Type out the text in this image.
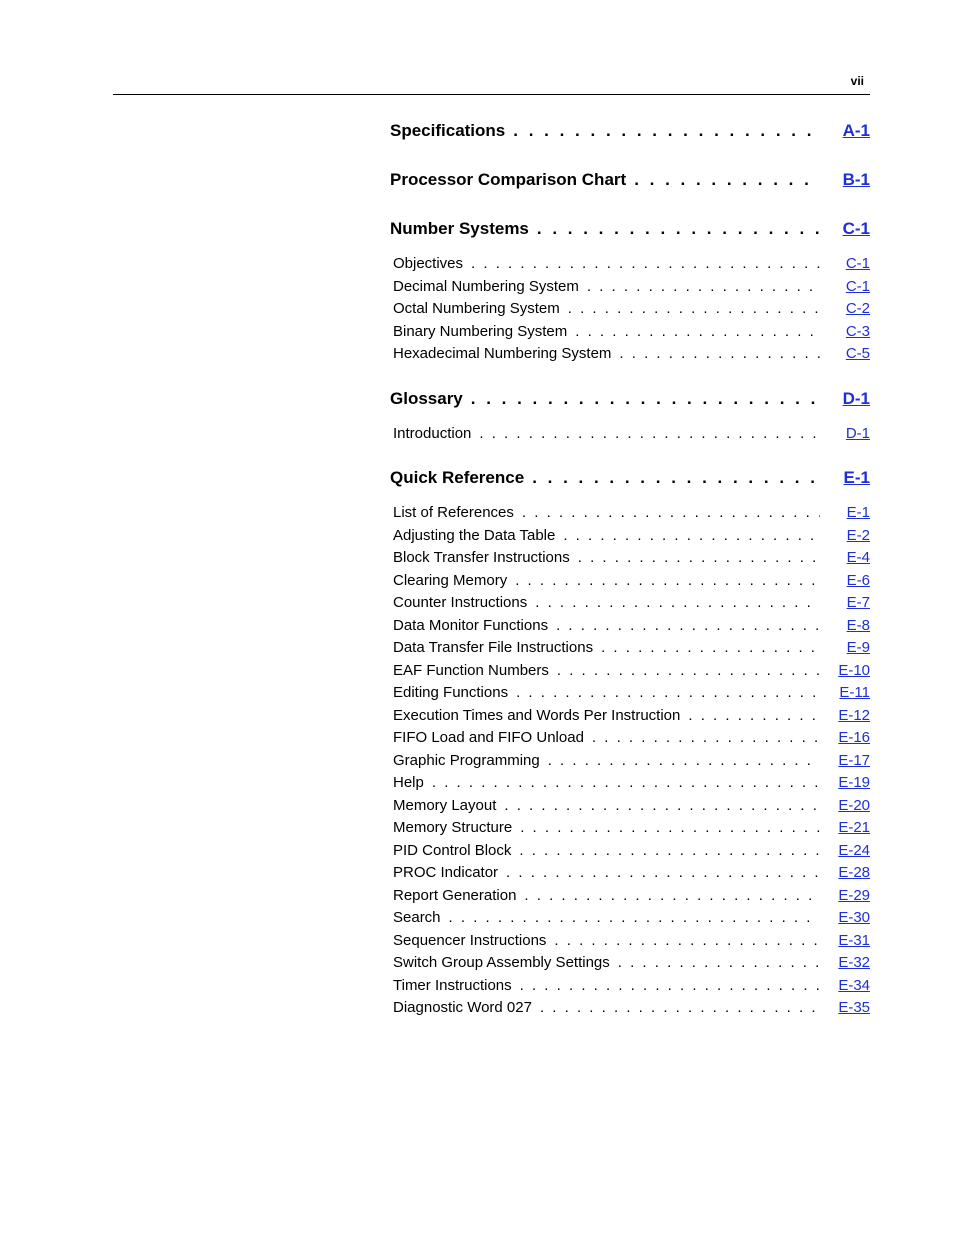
vii
Specifications . . .	A-1
Processor Comparison Chart . . .	B-1
Number Systems . . .	C-1
Objectives . . .	C-1
Decimal Numbering System . . .	C-1
Octal Numbering System . . .	C-2
Binary Numbering System . . .	C-3
Hexadecimal Numbering System . . .	C-5
Glossary . . .	D-1
Introduction . . .	D-1
Quick Reference . . .	E-1
List of References . . .	E-1
Adjusting the Data Table . . .	E-2
Block Transfer Instructions . . .	E-4
Clearing Memory . . .	E-6
Counter Instructions . . .	E-7
Data Monitor Functions . . .	E-8
Data Transfer File Instructions . . .	E-9
EAF Function Numbers . . .	E-10
Editing Functions . . .	E-11
Execution Times and Words Per Instruction . . .	E-12
FIFO Load and FIFO Unload . . .	E-16
Graphic Programming . . .	E-17
Help . . .	E-19
Memory Layout . . .	E-20
Memory Structure . . .	E-21
PID Control Block . . .	E-24
PROC Indicator . . .	E-28
Report Generation . . .	E-29
Search . . .	E-30
Sequencer Instructions . . .	E-31
Switch Group Assembly Settings . . .	E-32
Timer Instructions . . .	E-34
Diagnostic Word 027 . . .	E-35
